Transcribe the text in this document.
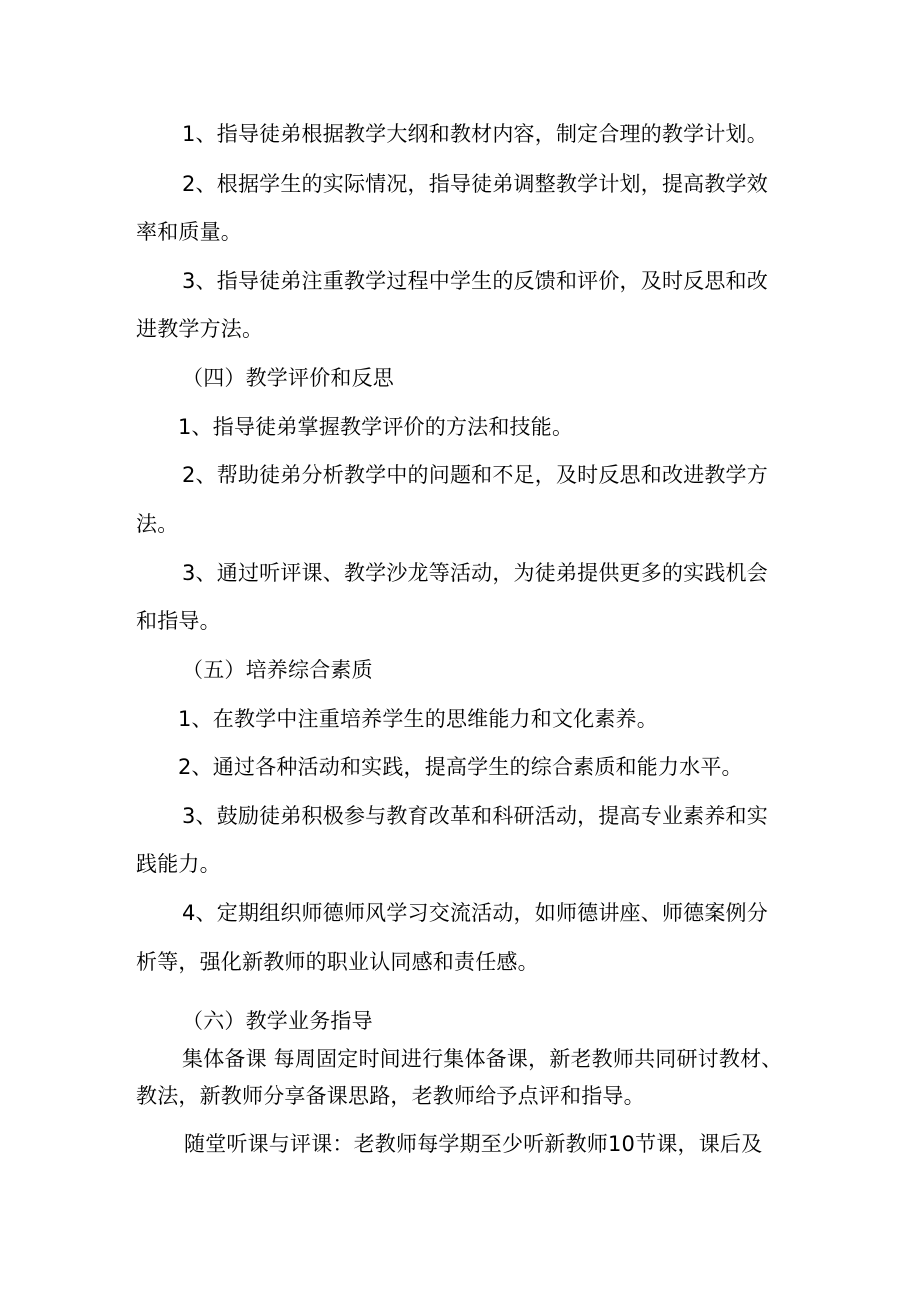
1、指导徒弟根据教学大纲和教材内容，制定合理的教学计划。
2、根据学生的实际情况，指导徒弟调整教学计划，提高教学效
率和质量。
3、指导徒弟注重教学过程中学生的反馈和评价，及时反思和改
进教学方法。
（四）教学评价和反思
1、指导徒弟掌握教学评价的方法和技能。
2、帮助徒弟分析教学中的问题和不足，及时反思和改进教学方
法。
3、通过听评课、教学沙龙等活动，为徒弟提供更多的实践机会
和指导。
（五）培养综合素质
1、在教学中注重培养学生的思维能力和文化素养。
2、通过各种活动和实践，提高学生的综合素质和能力水平。
3、鼓励徒弟积极参与教育改革和科研活动，提高专业素养和实
践能力。
4、定期组织师德师风学习交流活动，如师德讲座、师德案例分
析等，强化新教师的职业认同感和责任感。
（六）教学业务指导
集体备课 每周固定时间进行集体备课，新老教师共同研讨教材、
教法，新教师分享备课思路，老教师给予点评和指导。
随堂听课与评课：老教师每学期至少听新教师10节课，课后及
